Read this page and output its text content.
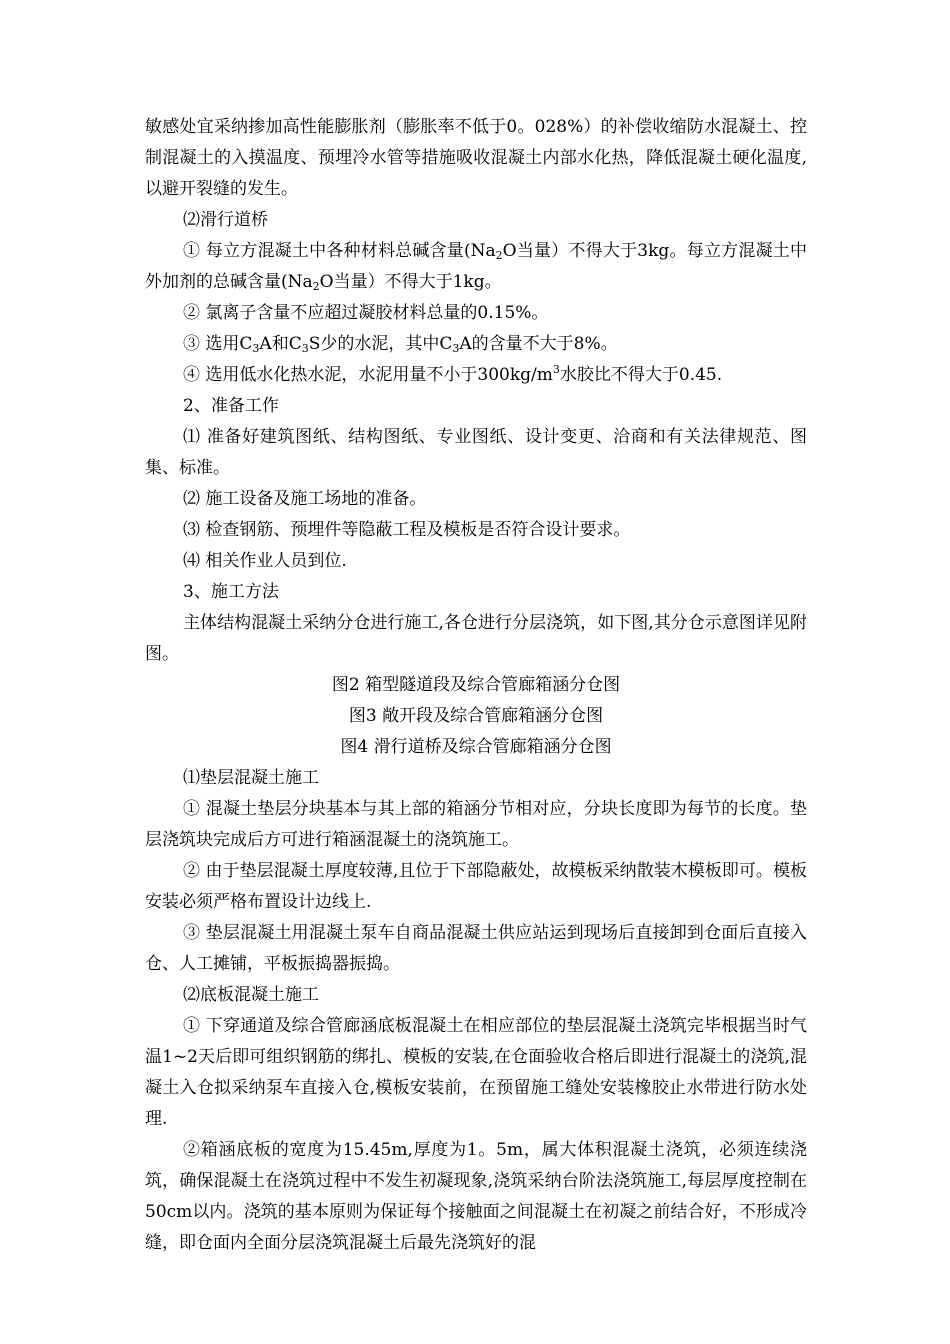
敏感处宜采纳掺加高性能膨胀剂（膨胀率不低于0。028%）的补偿收缩防水混凝土、控制混凝土的入摸温度、预埋冷水管等措施吸收混凝土内部水化热，降低混凝土硬化温度,以避开裂缝的发生。

⑵滑行道桥

① 每立方混凝土中各种材料总碱含量($Na_2O$当量）不得大于3kg。每立方混凝土中外加剂的总碱含量($Na_2O$当量）不得大于1kg。

② 氯离子含量不应超过凝胶材料总量的0.15%。

③ 选用$C_3A$和$C_3S$少的水泥，其中$C_3A$的含量不大于8%。

④ 选用低水化热水泥，水泥用量不小于$300kg/m^3$水胶比不得大于0.45.

2、准备工作

⑴ 准备好建筑图纸、结构图纸、专业图纸、设计变更、洽商和有关法律规范、图集、标准。

⑵ 施工设备及施工场地的准备。

⑶ 检查钢筋、预埋件等隐蔽工程及模板是否符合设计要求。

⑷ 相关作业人员到位.

3、施工方法

主体结构混凝土采纳分仓进行施工,各仓进行分层浇筑，如下图,其分仓示意图详见附图。

图2 箱型隧道段及综合管廊箱涵分仓图

图3 敞开段及综合管廊箱涵分仓图

图4 滑行道桥及综合管廊箱涵分仓图

⑴垫层混凝土施工

① 混凝土垫层分块基本与其上部的箱涵分节相对应，分块长度即为每节的长度。垫层浇筑块完成后方可进行箱涵混凝土的浇筑施工。

② 由于垫层混凝土厚度较薄,且位于下部隐蔽处，故模板采纳散装木模板即可。模板安装必须严格布置设计边线上.

③ 垫层混凝土用混凝土泵车自商品混凝土供应站运到现场后直接卸到仓面后直接入仓、人工摊铺，平板振捣器振捣。

⑵底板混凝土施工

① 下穿通道及综合管廊涵底板混凝土在相应部位的垫层混凝土浇筑完毕根据当时气温1~2天后即可组织钢筋的绑扎、模板的安装,在仓面验收合格后即进行混凝土的浇筑,混凝土入仓拟采纳泵车直接入仓,模板安装前，在预留施工缝处安装橡胶止水带进行防水处理.

②箱涵底板的宽度为15.45m,厚度为1。5m，属大体积混凝土浇筑，必须连续浇筑，确保混凝土在浇筑过程中不发生初凝现象,浇筑采纳台阶法浇筑施工,每层厚度控制在50cm以内。浇筑的基本原则为保证每个接触面之间混凝土在初凝之前结合好，不形成冷缝，即仓面内全面分层浇筑混凝土后最先浇筑好的混
